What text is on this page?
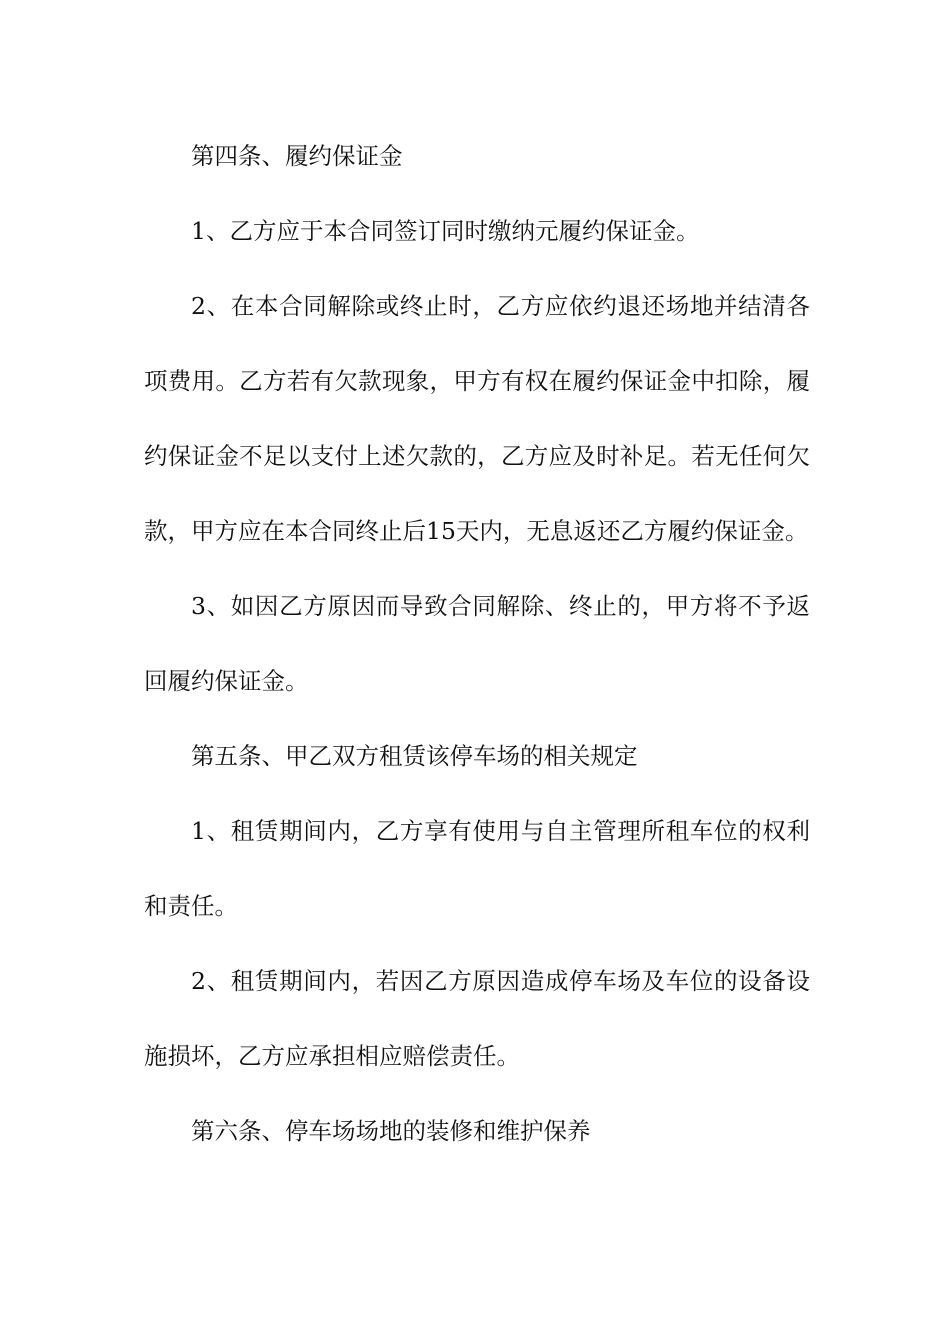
第四条、履约保证金

1、乙方应于本合同签订同时缴纳元履约保证金。

2、在本合同解除或终止时，乙方应依约退还场地并结清各项费用。乙方若有欠款现象，甲方有权在履约保证金中扣除，履约保证金不足以支付上述欠款的，乙方应及时补足。若无任何欠款，甲方应在本合同终止后15天内，无息返还乙方履约保证金。

3、如因乙方原因而导致合同解除、终止的，甲方将不予返回履约保证金。

第五条、甲乙双方租赁该停车场的相关规定

1、租赁期间内，乙方享有使用与自主管理所租车位的权利和责任。

2、租赁期间内，若因乙方原因造成停车场及车位的设备设施损坏，乙方应承担相应赔偿责任。

第六条、停车场场地的装修和维护保养
